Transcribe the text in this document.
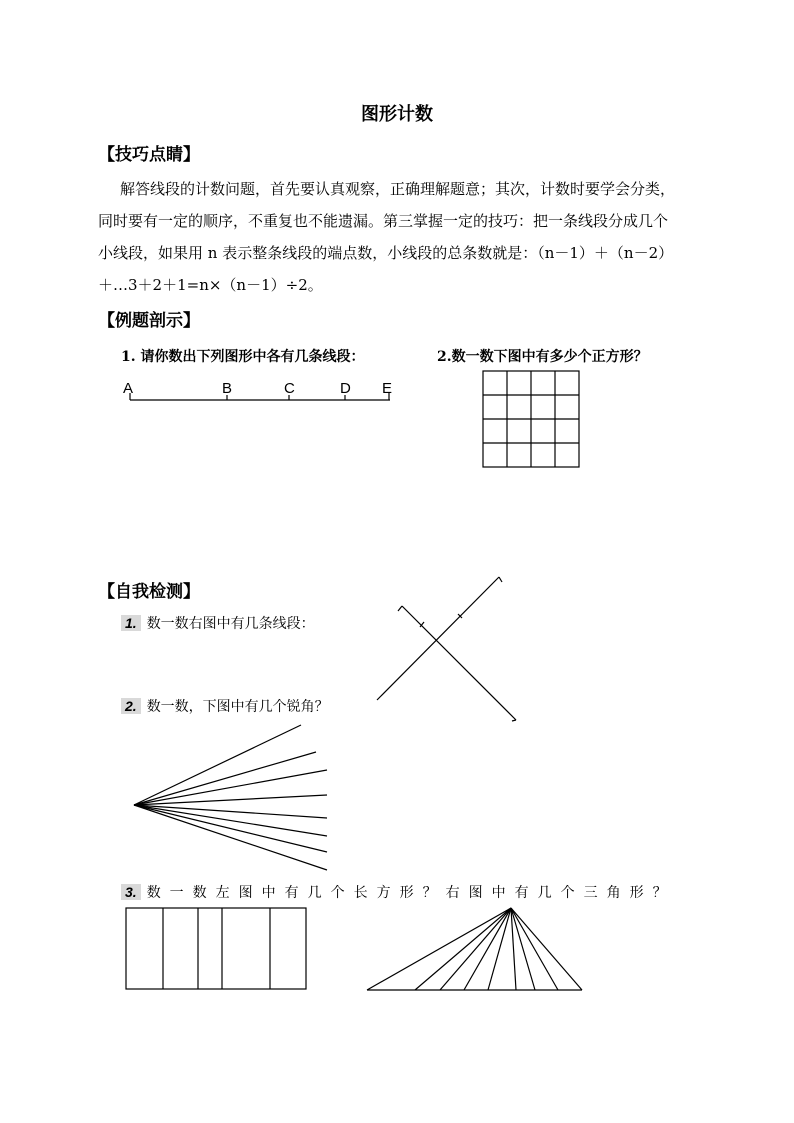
图形计数
【技巧点睛】
解答线段的计数问题，首先要认真观察，正确理解题意；其次，计数时要学会分类，
同时要有一定的顺序，不重复也不能遗漏。第三掌握一定的技巧：把一条线段分成几个
小线段，如果用 n 表示整条线段的端点数，小线段的总条数就是：（n－1）＋（n－2）
＋…3＋2＋1=n×（n－1）÷2。
【例题剖示】
1. 请你数出下列图形中各有几条线段：	2.数一数下图中有多少个正方形？
A	B	C	D E
【自我检测】
1. 数一数右图中有几条线段：
2. 数一数，下图中有几个锐角？
3. 数一数左图中有几个长方形？右图中有几个三角形？
